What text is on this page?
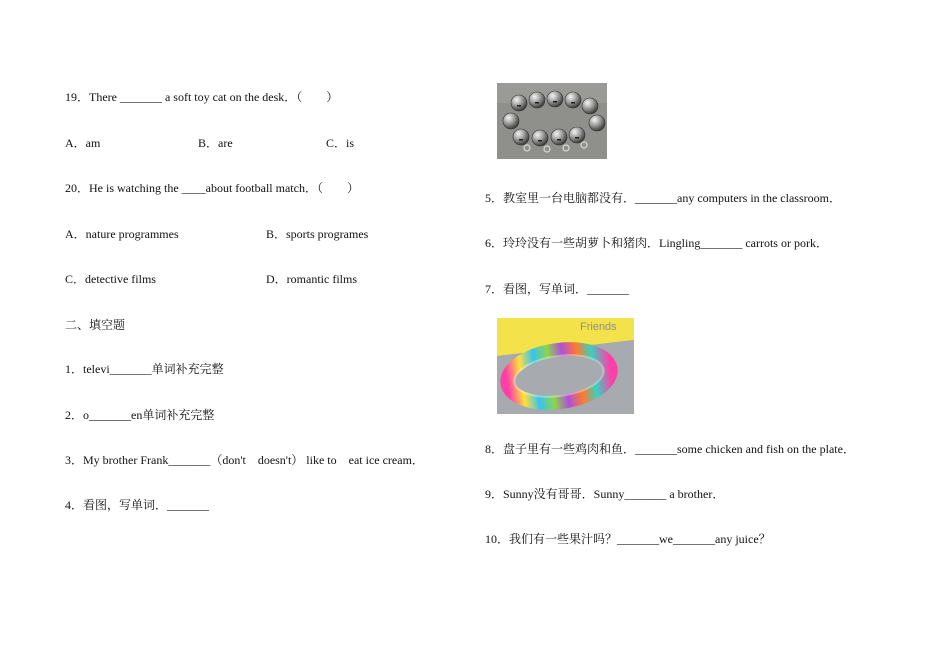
19．There _______ a soft toy cat on the desk．（　　）
A．am	B．are	C．is
20．He is watching the ____about football match．（　　）
A．nature programmes	B．sports programes
C．detective films	D．romantic films
二、填空题
1．televi_______单词补充完整
2．o_______en单词补充完整
3．My brother Frank_______（don't　doesn't） like to　eat ice cream．
4．看图，写单词．_______
5．教室里一台电脑都没有．_______any computers in the classroom．
6．玲玲没有一些胡萝卜和猪肉．Lingling_______ carrots or pork．
7．看图，写单词．_______
Friends
8．盘子里有一些鸡肉和鱼．_______some chicken and fish on the plate．
9．Sunny没有哥哥．Sunny_______ a brother．
10．我们有一些果汁吗？_______we_______any juice？
